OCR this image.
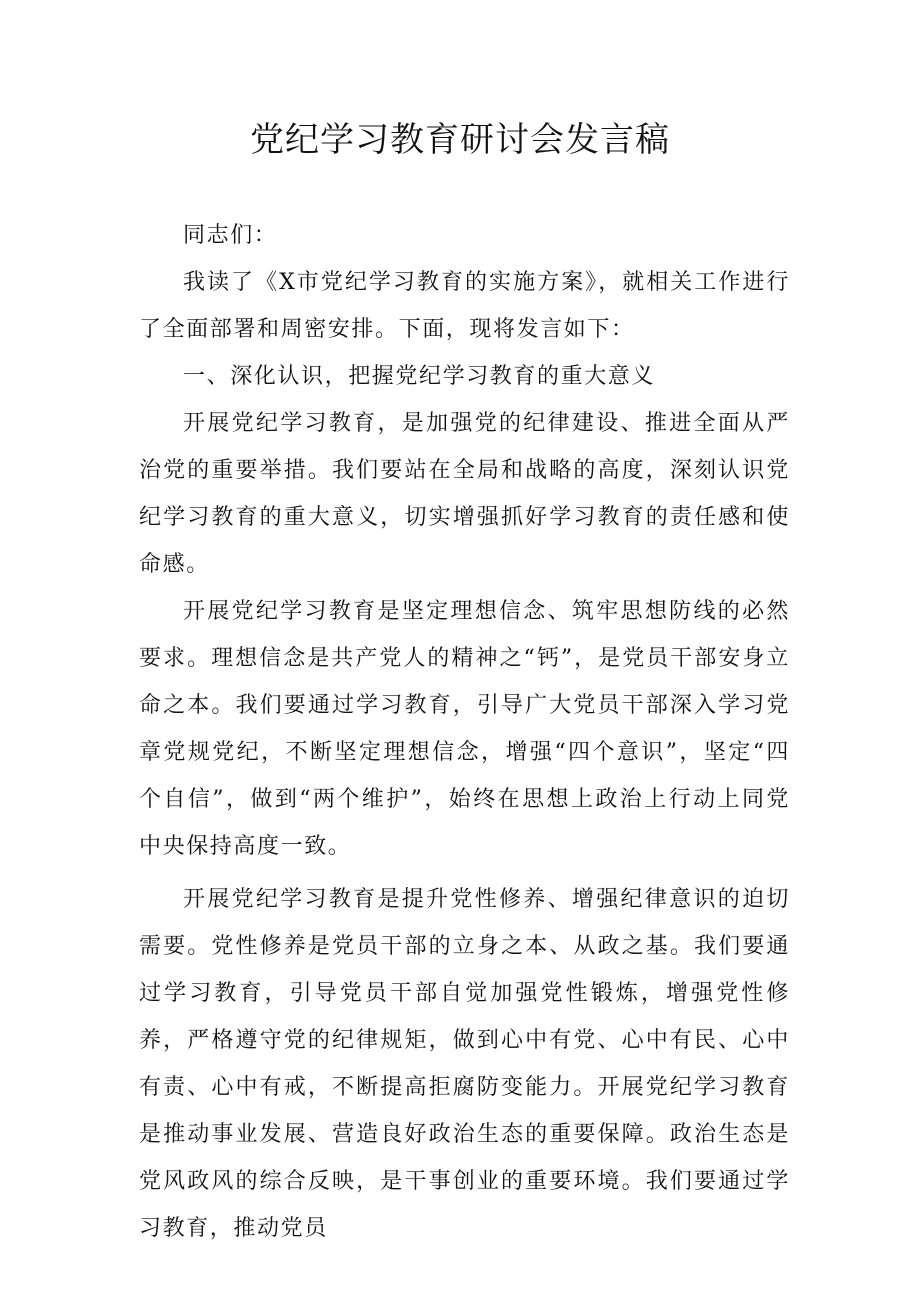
党纪学习教育研讨会发言稿

同志们：

我读了《X市党纪学习教育的实施方案》，就相关工作进行了全面部署和周密安排。下面，现将发言如下：

一、深化认识，把握党纪学习教育的重大意义

开展党纪学习教育，是加强党的纪律建设、推进全面从严治党的重要举措。我们要站在全局和战略的高度，深刻认识党纪学习教育的重大意义，切实增强抓好学习教育的责任感和使命感。

开展党纪学习教育是坚定理想信念、筑牢思想防线的必然要求。理想信念是共产党人的精神之“钙”，是党员干部安身立命之本。我们要通过学习教育，引导广大党员干部深入学习党章党规党纪，不断坚定理想信念，增强“四个意识”，坚定“四个自信”，做到“两个维护”，始终在思想上政治上行动上同党中央保持高度一致。

开展党纪学习教育是提升党性修养、增强纪律意识的迫切需要。党性修养是党员干部的立身之本、从政之基。我们要通过学习教育，引导党员干部自觉加强党性锻炼，增强党性修养，严格遵守党的纪律规矩，做到心中有党、心中有民、心中有责、心中有戒，不断提高拒腐防变能力。开展党纪学习教育是推动事业发展、营造良好政治生态的重要保障。政治生态是党风政风的综合反映，是干事创业的重要环境。我们要通过学习教育，推动党员
